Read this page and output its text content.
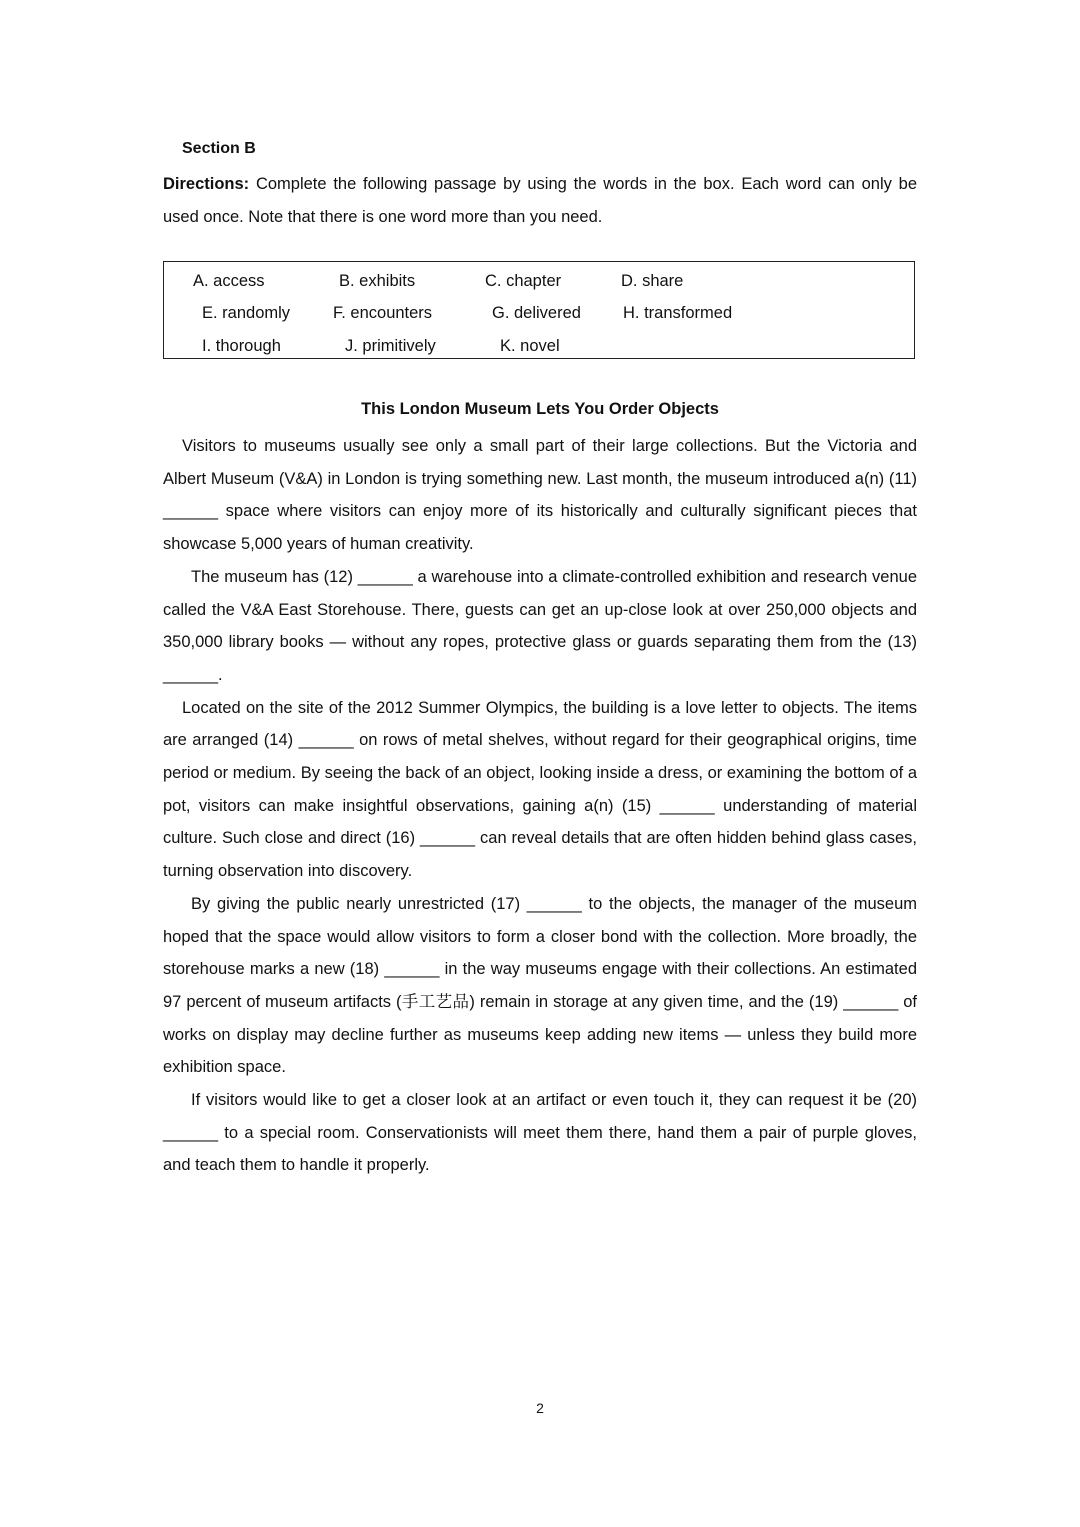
Section B
Directions: Complete the following passage by using the words in the box. Each word can only be used once. Note that there is one word more than you need.
A. access	B. exhibits	C. chapter	D. share
E. randomly	F. encounters	G. delivered	H. transformed
I. thorough	J. primitively	K. novel
This London Museum Lets You Order Objects

Visitors to museums usually see only a small part of their large collections. But the Victoria and Albert Museum (V&A) in London is trying something new. Last month, the museum introduced a(n) (11) ______ space where visitors can enjoy more of its historically and culturally significant pieces that showcase 5,000 years of human creativity.

The museum has (12) ______ a warehouse into a climate-controlled exhibition and research venue called the V&A East Storehouse. There, guests can get an up-close look at over 250,000 objects and 350,000 library books — without any ropes, protective glass or guards separating them from the (13) ______.

Located on the site of the 2012 Summer Olympics, the building is a love letter to objects. The items are arranged (14) ______ on rows of metal shelves, without regard for their geographical origins, time period or medium. By seeing the back of an object, looking inside a dress, or examining the bottom of a pot, visitors can make insightful observations, gaining a(n) (15) ______ understanding of material culture. Such close and direct (16) ______ can reveal details that are often hidden behind glass cases, turning observation into discovery.

By giving the public nearly unrestricted (17) ______ to the objects, the manager of the museum hoped that the space would allow visitors to form a closer bond with the collection. More broadly, the storehouse marks a new (18) ______ in the way museums engage with their collections. An estimated 97 percent of museum artifacts (手工艺品) remain in storage at any given time, and the (19) ______ of works on display may decline further as museums keep adding new items — unless they build more exhibition space.

If visitors would like to get a closer look at an artifact or even touch it, they can request it be (20) ______ to a special room. Conservationists will meet them there, hand them a pair of purple gloves, and teach them to handle it properly.

2
